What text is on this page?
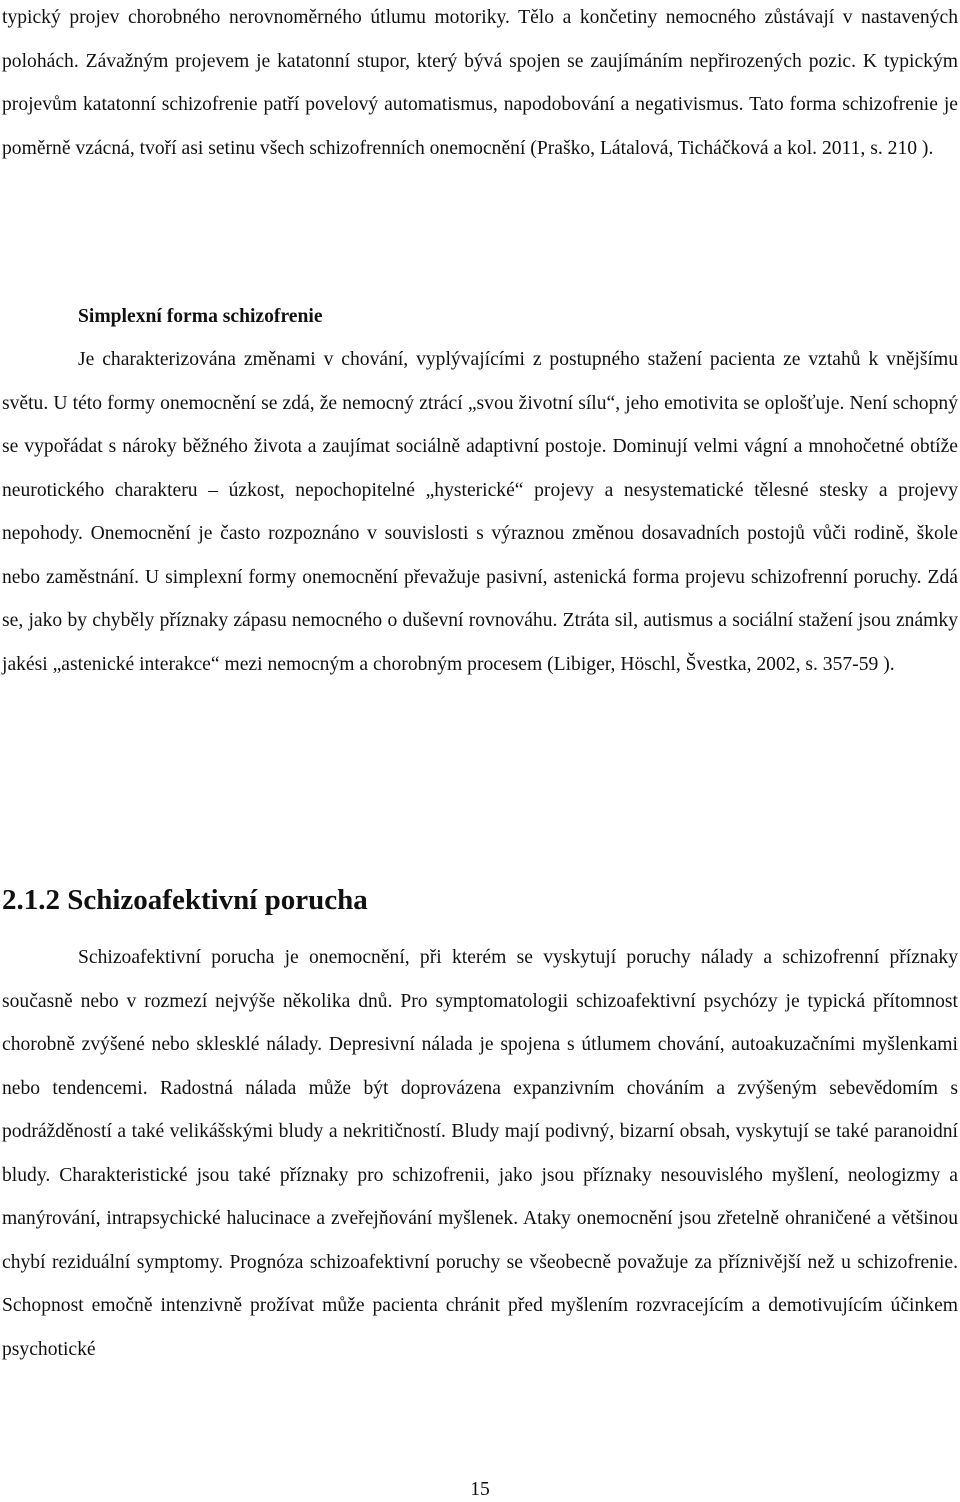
typický projev chorobného nerovnoměrného útlumu motoriky. Tělo a končetiny nemocného zůstávají v nastavených polohách. Závažným projevem je katatonní stupor, který bývá spojen se zaujímáním nepřirozených pozic. K typickým projevům katatonní schizofrenie patří povelový automatismus, napodobování a negativismus. Tato forma schizofrenie je poměrně vzácná, tvoří asi setinu všech schizofrenních onemocnění (Praško, Látalová, Ticháčková a kol. 2011, s. 210 ).

Simplexní forma schizofrenie

Je charakterizována změnami v chování, vyplývajícími z postupného stažení pacienta ze vztahů k vnějšímu světu. U této formy onemocnění se zdá, že nemocný ztrácí „svou životní sílu“, jeho emotivita se oplošťuje. Není schopný se vypořádat s nároky běžného života a zaujímat sociálně adaptivní postoje. Dominují velmi vágní a mnohočetné obtíže neurotického charakteru – úzkost, nepochopitelné „hysterické“ projevy a nesystematické tělesné stesky a projevy nepohody. Onemocnění je často rozpoznáno v souvislosti s výraznou změnou dosavadních postojů vůči rodině, škole nebo zaměstnání. U simplexní formy onemocnění převažuje pasivní, astenická forma projevu schizofrenní poruchy. Zdá se, jako by chyběly příznaky zápasu nemocného o duševní rovnováhu. Ztráta sil, autismus a sociální stažení jsou známky jakési „astenické interakce“ mezi nemocným a chorobným procesem (Libiger, Höschl, Švestka, 2002, s. 357-59 ).

2.1.2 Schizoafektivní porucha

Schizoafektivní porucha je onemocnění, při kterém se vyskytují poruchy nálady a schizofrenní příznaky současně nebo v rozmezí nejvýše několika dnů. Pro symptomatologii schizoafektivní psychózy je typická přítomnost chorobně zvýšené nebo sklesklé nálady. Depresivní nálada je spojena s útlumem chování, autoakuzačními myšlenkami nebo tendencemi. Radostná nálada může být doprovázena expanzivním chováním a zvýšeným sebevědomím s podrážděností a také velikášskými bludy a nekritičností. Bludy mají podivný, bizarní obsah, vyskytují se také paranoidní bludy. Charakteristické jsou také příznaky pro schizofrenii, jako jsou příznaky nesouvislého myšlení, neologizmy a manýrování, intrapsychické halucinace a zveřejňování myšlenek. Ataky onemocnění jsou zřetelně ohraničené a většinou chybí reziduální symptomy. Prognóza schizoafektivní poruchy se všeobecně považuje za příznivější než u schizofrenie. Schopnost emočně intenzivně prožívat může pacienta chránit před myšlením rozvracejícím a demotivujícím účinkem psychotické

15
